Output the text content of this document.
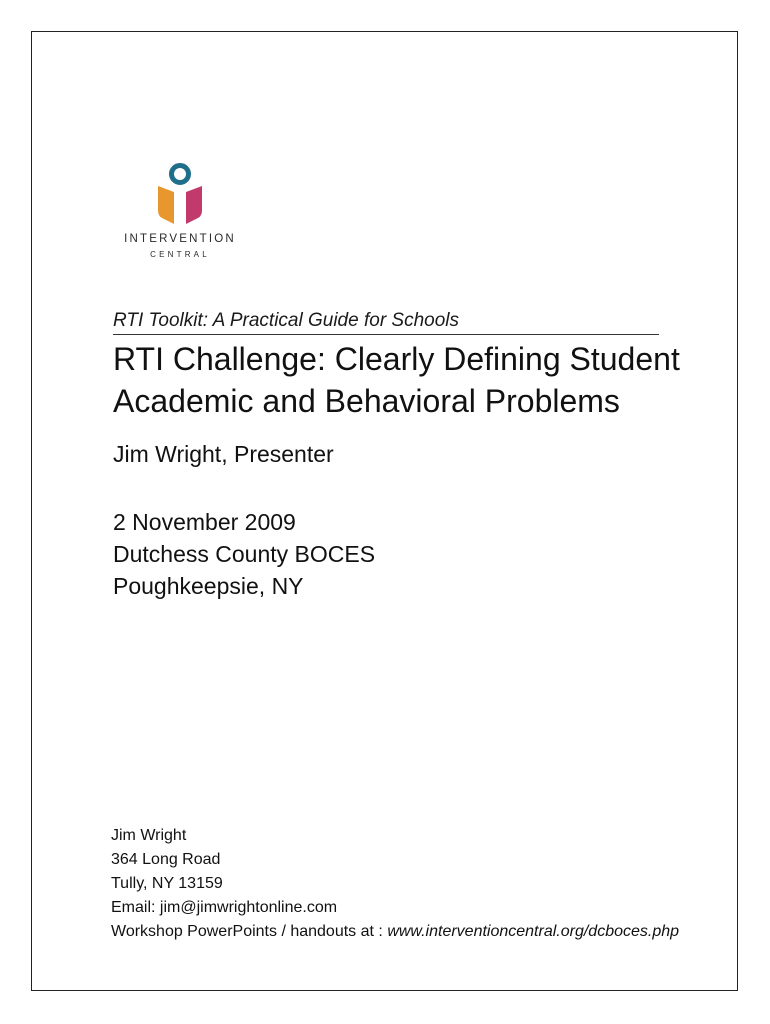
INTERVENTION
CENTRAL
RTI Toolkit: A Practical Guide for Schools
RTI Challenge: Clearly Defining Student
Academic and Behavioral Problems
Jim Wright, Presenter
2 November 2009
Dutchess County BOCES
Poughkeepsie, NY
Jim Wright
364 Long Road
Tully, NY 13159
Email: jim@jimwrightonline.com
Workshop PowerPoints / handouts at : www.interventioncentral.org/dcboces.php
